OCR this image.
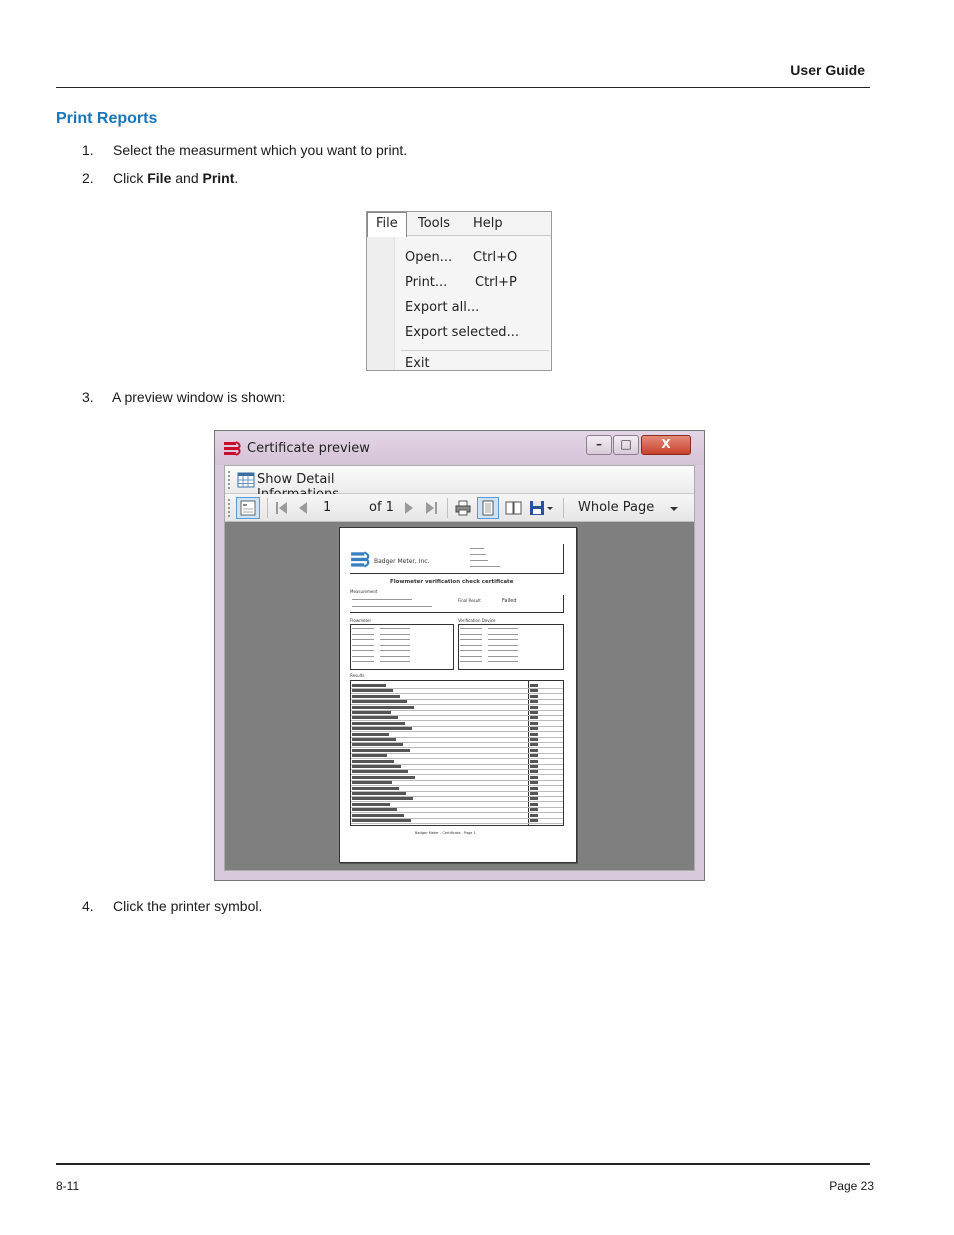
User Guide
Print Reports
1. Select the measurment which you want to print.
2. Click File and Print.
Tools Help
Open... Ctrl+O
Print... Ctrl+P
Export all...
Export selected...
Exit
File
3. A preview window is shown:
Certificate preview	–	□	X
Show Detail
1	of 1	Whole Page
Badger Meter, Inc.
Flowmeter verification check certificate
Measurement
Final Result	Failed
Flowmeter	Verification Device
Results
Badger Meter - Certificate - Page 1
4. Click the printer symbol.
8-11	Page 23
